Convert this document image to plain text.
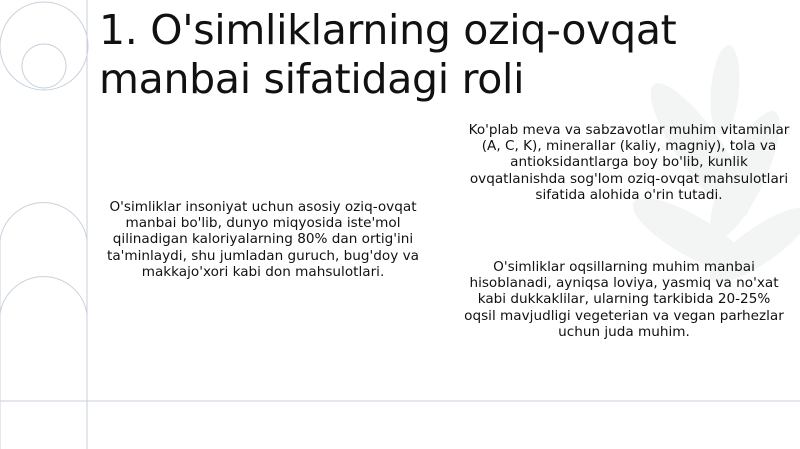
1. O'simliklarning oziq-ovqat manbai sifatidagi roli

O'simliklar insoniyat uchun asosiy oziq-ovqat manbai bo'lib, dunyo miqyosida iste'mol qilinadigan kaloriyalarning 80% dan ortig'ini ta'minlaydi, shu jumladan guruch, bug'doy va makkajo'xori kabi don mahsulotlari.

Ko'plab meva va sabzavotlar muhim vitaminlar (A, C, K), minerallar (kaliy, magniy), tola va antioksidantlarga boy bo'lib, kunlik ovqatlanishda sog'lom oziq-ovqat mahsulotlari sifatida alohida o'rin tutadi.

O'simliklar oqsillarning muhim manbai hisoblanadi, ayniqsa loviya, yasmiq va no'xat kabi dukkaklilar, ularning tarkibida 20-25% oqsil mavjudligi vegeterian va vegan parhezlar uchun juda muhim.
